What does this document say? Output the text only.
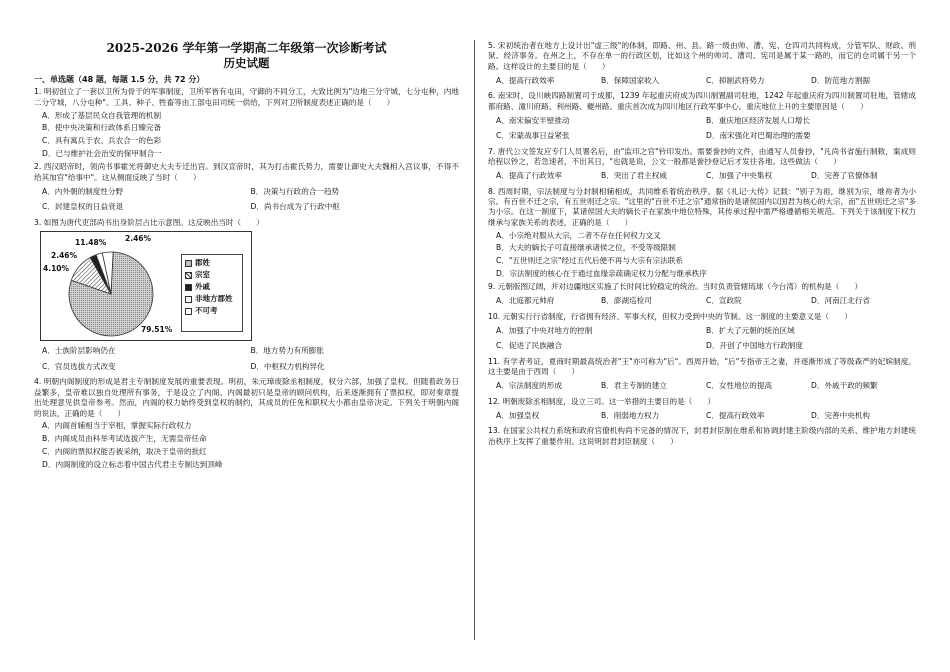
2025-2026 学年第一学期高二年级第一次诊断考试
历史试题
一、单选题（48 题，每题 1.5 分，共 72 分）
1. 明初创立了一套以卫所为骨干的军事制度，卫所军皆有屯田，守御的不同分工，大致比例为"边地三分守城，七分屯种，内地二分守城，八分屯种"。工具、种子、牲畜等由工部屯田司统一供给，下列对卫所制度表述正确的是（　　）
A．形成了基层民众自我管理的机制
B．使中央决策和行政体系日臻完备
C．具有寓兵于农、兵农合一的色彩
D．已与维护社会治安的保甲制合一
2. 西汉昭帝时，领尚书事霍光将御史大夫专迁出宫。到汉宣帝时，其为打击霍氏势力，需要让御史大夫魏相入宫议事，不得不给其加官"给事中"。这从侧面反映了当时（　　）
A．内外朝的制度性分野	B．决策与行政的合一趋势
C．封建皇权的日益衰退	D．尚书台成为了行政中枢
3. 如图为唐代吏部尚书出身阶层占比示意图。这反映出当时（　　）
11.48%	2.46%
2.46%
4.10%
79.51%
郡姓
宗室
外戚
非地方郡姓
不可考
A．士族阶层影响仍在	B．地方势力有所膨胀
C．官员选拔方式改变	D．中枢权力机构异化
4. 明朝内阁制度的形成是君主专制制度发展的重要表现。明初，朱元璋废除丞相制度，权分六部，加强了皇权。但随着政务日益繁多，皇帝难以独自处理所有事务，于是设立了内阁。内阁最初只是皇帝的顾问机构，后来逐渐拥有了票拟权，即对奏章提出处理意见供皇帝参考。然而，内阁的权力始终受到皇权的制约，其成员的任免和职权大小都由皇帝决定。下列关于明朝内阁的说法，正确的是（　　）
A．内阁首辅相当于宰相，掌握实际行政权力
B．内阁成员由科举考试选拔产生，无需皇帝任命
C．内阁的票拟权能否被采纳，取决于皇帝的批红
D．内阁制度的设立标志着中国古代君主专制达到顶峰
5. 宋初统治者在地方上设计出"虚三级"的体制，即路、州、县。路一级由帅、漕、宪、仓四司共同构成，分管军队、财政、刑狱、经济事务。在州之上，不存在单一的行政区划，比如这个州的帅司、漕司、宪司是属于某一路的，而它的仓司属于另一个路。这样设计的主要目的是（　　）
A．提高行政效率	B．保障国家收入	C．抑制武将势力	D．防范地方割据
6. 南宋时，设川峡四路制置司于成都，1239 年起重庆府成为四川制置副司驻地，1242 年起重庆府为四川制置司驻地，管辖成都府路、潼川府路、利州路、夔州路。重庆首次成为四川地区行政军事中心。重庆地位上升的主要原因是（　　）
A．南宋偏安半壁推动	B．重庆地区经济发展人口增长
C．宋蒙战事日益紧张	D．南宋强化对巴蜀治理的需要
7. 唐代公文签发应专门人员署名后，由"监印之官"钤印发出。需要誊抄的文件，由通写人员誊抄，"凡尚书省施行制敕，案成则给程以钞之，若急速者，不出其日，"也就是说，公文一般都是誊抄登记后才发往各地。这些做法（　　）
A．提高了行政效率	B．突出了君主权威	C．加强了中央集权	D．完善了官僚体制
8. 西周时期，宗法制度与分封制相辅相成，共同维系着统治秩序。据《礼记·大传》记载："别子为祖，继别为宗，继祢者为小宗。有百世不迁之宗，有五世则迁之宗。"这里的"百世不迁之宗"通常指的是诸侯国内以国君为核心的大宗，而"五世则迁之宗"多为小宗。在这一制度下，某诸侯国大夫的嫡长子在家族中地位特殊，其传承过程中需严格遵循相关规范。下列关于该制度下权力继承与家族关系的表述，正确的是（　　）
A．小宗绝对服从大宗，二者不存在任何权力交叉
B．大夫的嫡长子可直接继承诸侯之位，不受等级限制
C．"五世则迁之宗"经过五代后便不再与大宗有宗法联系
D．宗法制度的核心在于通过血缘亲疏确定权力分配与继承秩序
9. 元朝版图辽阔，并对边疆地区实施了长时间比较稳定的统治。当时负责管辖琉球（今台湾）的机构是（　　）
A．北庭都元帅府	B．澎湖巡检司	C．宣政院	D．河南江北行省
10. 元朝实行行省制度，行省拥有经济、军事大权，但权力受到中央的节制。这一制度的主要意义是（　　）
A．加强了中央对地方的控制	B．扩大了元朝的统治区域
C．促进了民族融合	D．开创了中国地方行政制度
11. 有学者考证，夏商时期最高统治者"王"亦可称为"后"。西周开始，"后"专指帝王之妻，并逐渐形成了等级森严的妃嫔制度。这主要是由于西周（　　）
A．宗法制度的形成	B．君主专制的建立	C．女性地位的提高	D．外戚干政的频繁
12. 明朝废除丞相制度，设立三司。这一举措的主要目的是（　　）
A．加强皇权	B．削弱地方权力	C．提高行政效率	D．完善中央机构
13. 在国家公共权力系统和政府官僚机构尚不完备的情况下，封君封臣制在维系和协调封建主阶级内部的关系、维护地方封建统治秩序上发挥了重要作用。这说明封君封臣制度（　　）
